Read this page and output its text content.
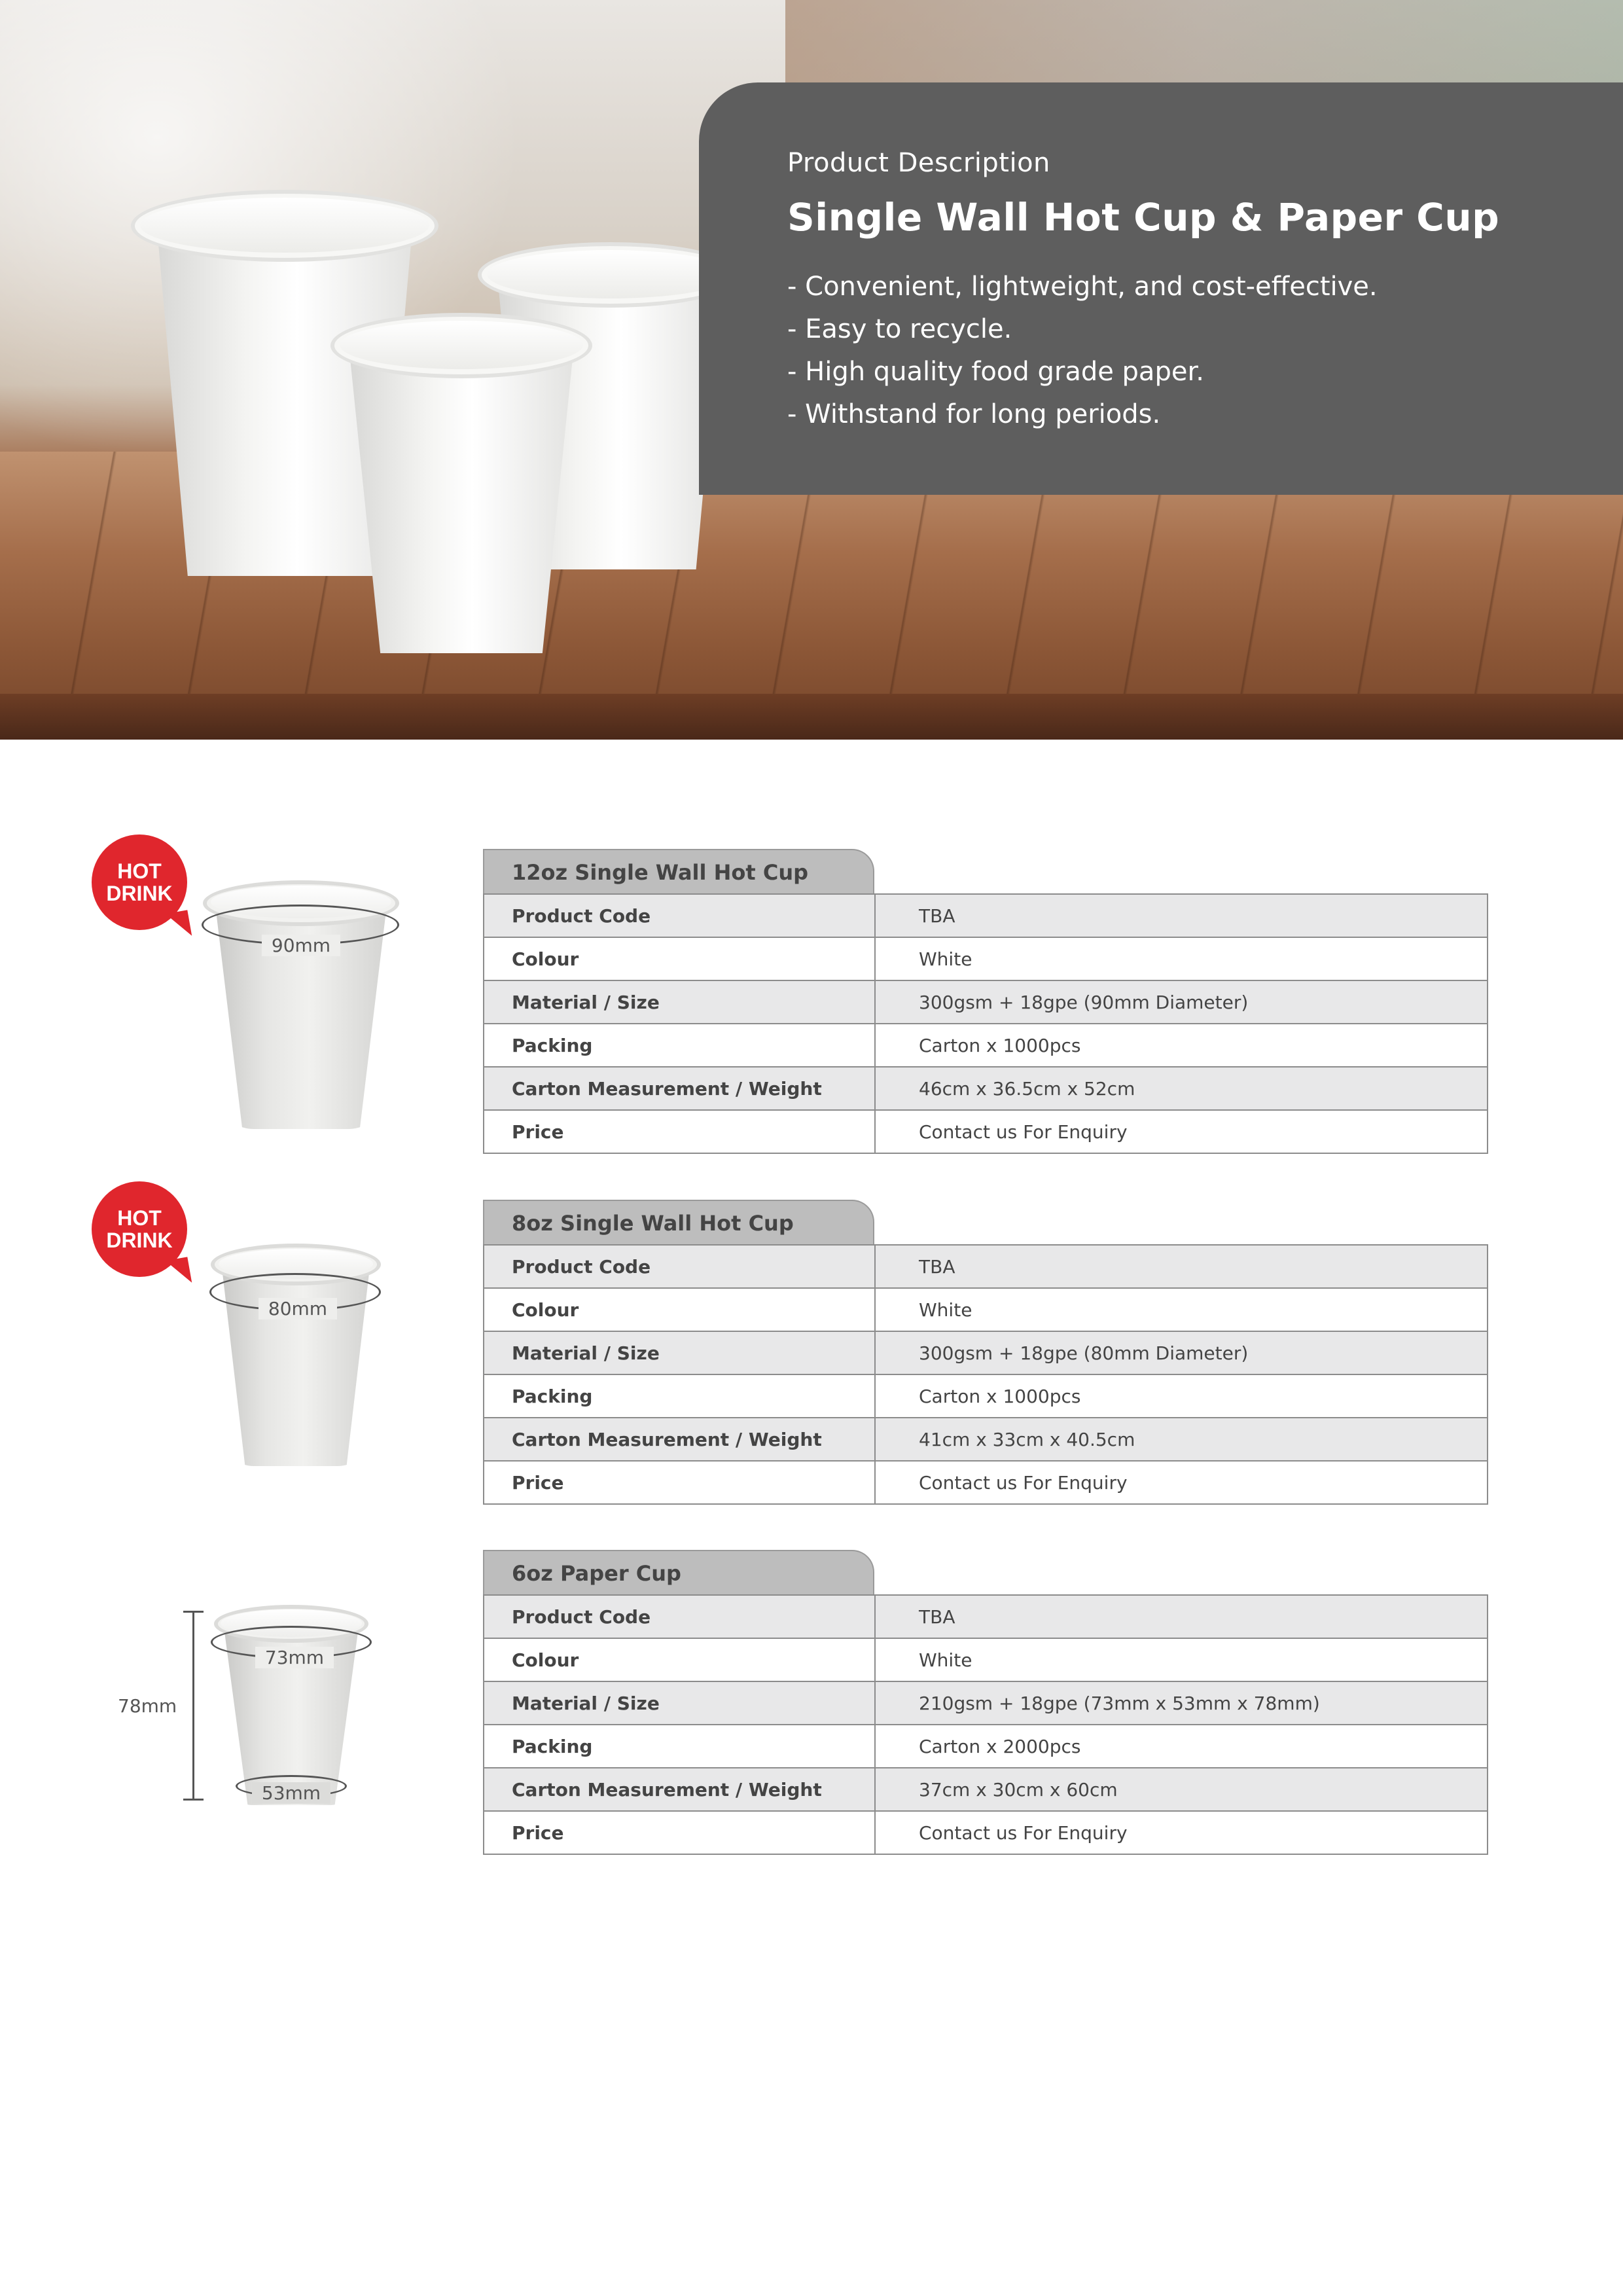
Product Description
Single Wall Hot Cup & Paper Cup
- Convenient, lightweight, and cost-effective.
- Easy to recycle.
- High quality food grade paper.
- Withstand for long periods.
HOT
DRINK
90mm
12oz Single Wall Hot Cup
Product Code	TBA
Colour	White
Material / Size	300gsm + 18gpe (90mm Diameter)
Packing	Carton x 1000pcs
Carton Measurement / Weight	46cm x 36.5cm x 52cm
Price	Contact us For Enquiry
HOT
DRINK
80mm
8oz Single Wall Hot Cup
Product Code	TBA
Colour	White
Material / Size	300gsm + 18gpe (80mm Diameter)
Packing	Carton x 1000pcs
Carton Measurement / Weight	41cm x 33cm x 40.5cm
Price	Contact us For Enquiry
73mm
53mm
78mm
6oz Paper Cup
Product Code	TBA
Colour	White
Material / Size	210gsm + 18gpe (73mm x 53mm x 78mm)
Packing	Carton x 2000pcs
Carton Measurement / Weight	37cm x 30cm x 60cm
Price	Contact us For Enquiry
